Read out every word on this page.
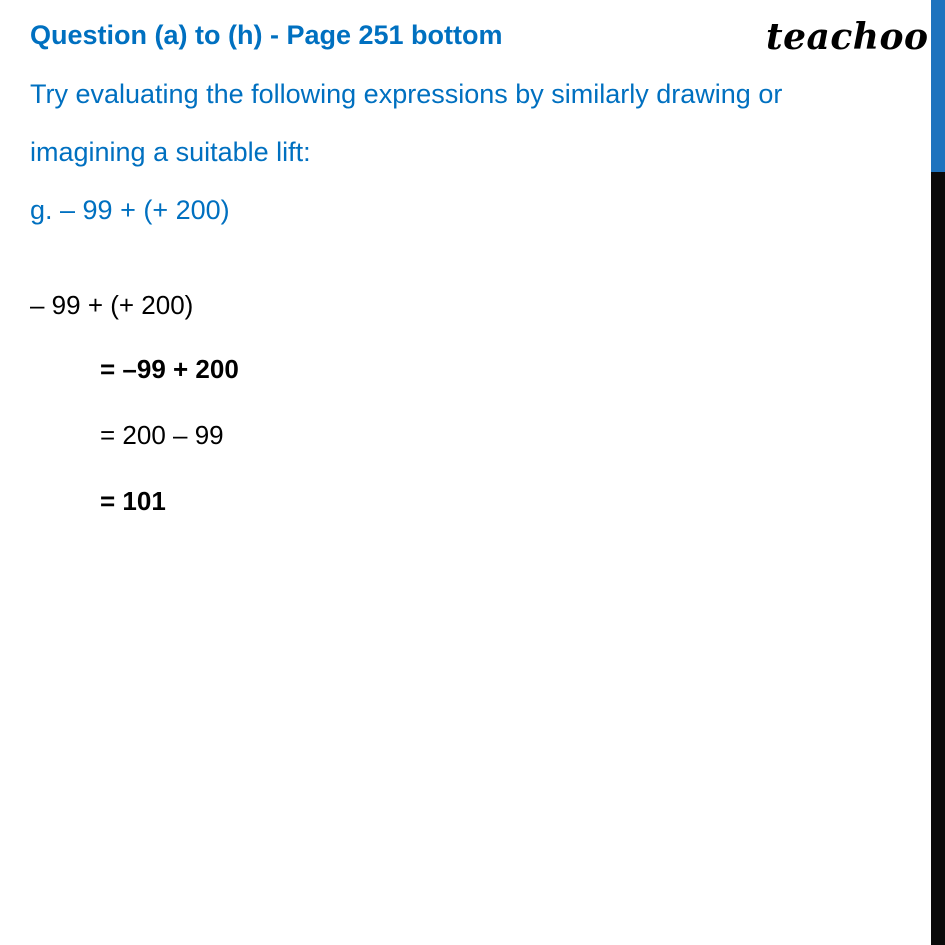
Question (a) to (h) - Page 251 bottom	teachoo
Try evaluating the following expressions by similarly drawing or
imagining a suitable lift:
g. – 99 + (+ 200)
– 99 + (+ 200)
= –99 + 200
= 200 – 99
= 101
